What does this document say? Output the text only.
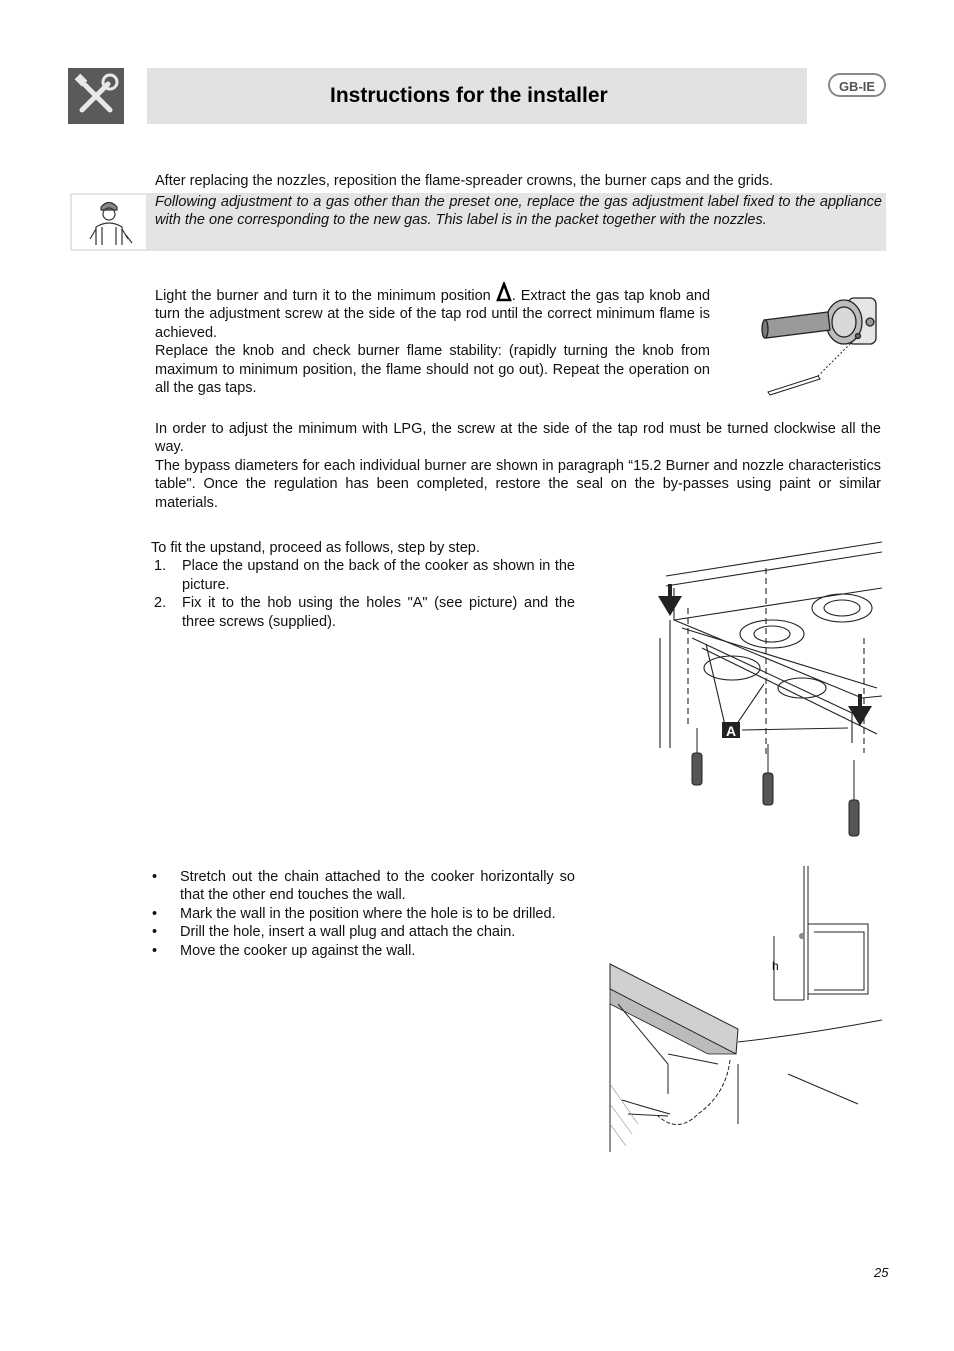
Instructions for the installer	GB-IE
After replacing the nozzles, reposition the flame-spreader crowns, the burner caps and the grids.
Following adjustment to a gas other than the preset one, replace the gas adjustment label fixed to the appliance with the one corresponding to the new gas. This label is in the packet together with the nozzles.
Light the burner and turn it to the minimum position . Extract the gas tap knob and turn the adjustment screw at the side of the tap rod until the correct minimum flame is achieved.
Replace the knob and check burner flame stability: (rapidly turning the knob from maximum to minimum position, the flame should not go out). Repeat the operation on all the gas taps.
In order to adjust the minimum with LPG, the screw at the side of the tap rod must be turned clockwise all the way.
The bypass diameters for each individual burner are shown in paragraph “15.2 Burner and nozzle characteristics table". Once the regulation has been completed, restore the seal on the by-passes using paint or similar materials.
To fit the upstand, proceed as follows, step by step.
1. Place the upstand on the back of the cooker as shown in the picture.
2. Fix it to the hob using the holes "A" (see picture) and the three screws (supplied).
A
• Stretch out the chain attached to the cooker horizontally so that the other end touches the wall.
• Mark the wall in the position where the hole is to be drilled.
• Drill the hole, insert a wall plug and attach the chain.
• Move the cooker up against the wall.
h
25
